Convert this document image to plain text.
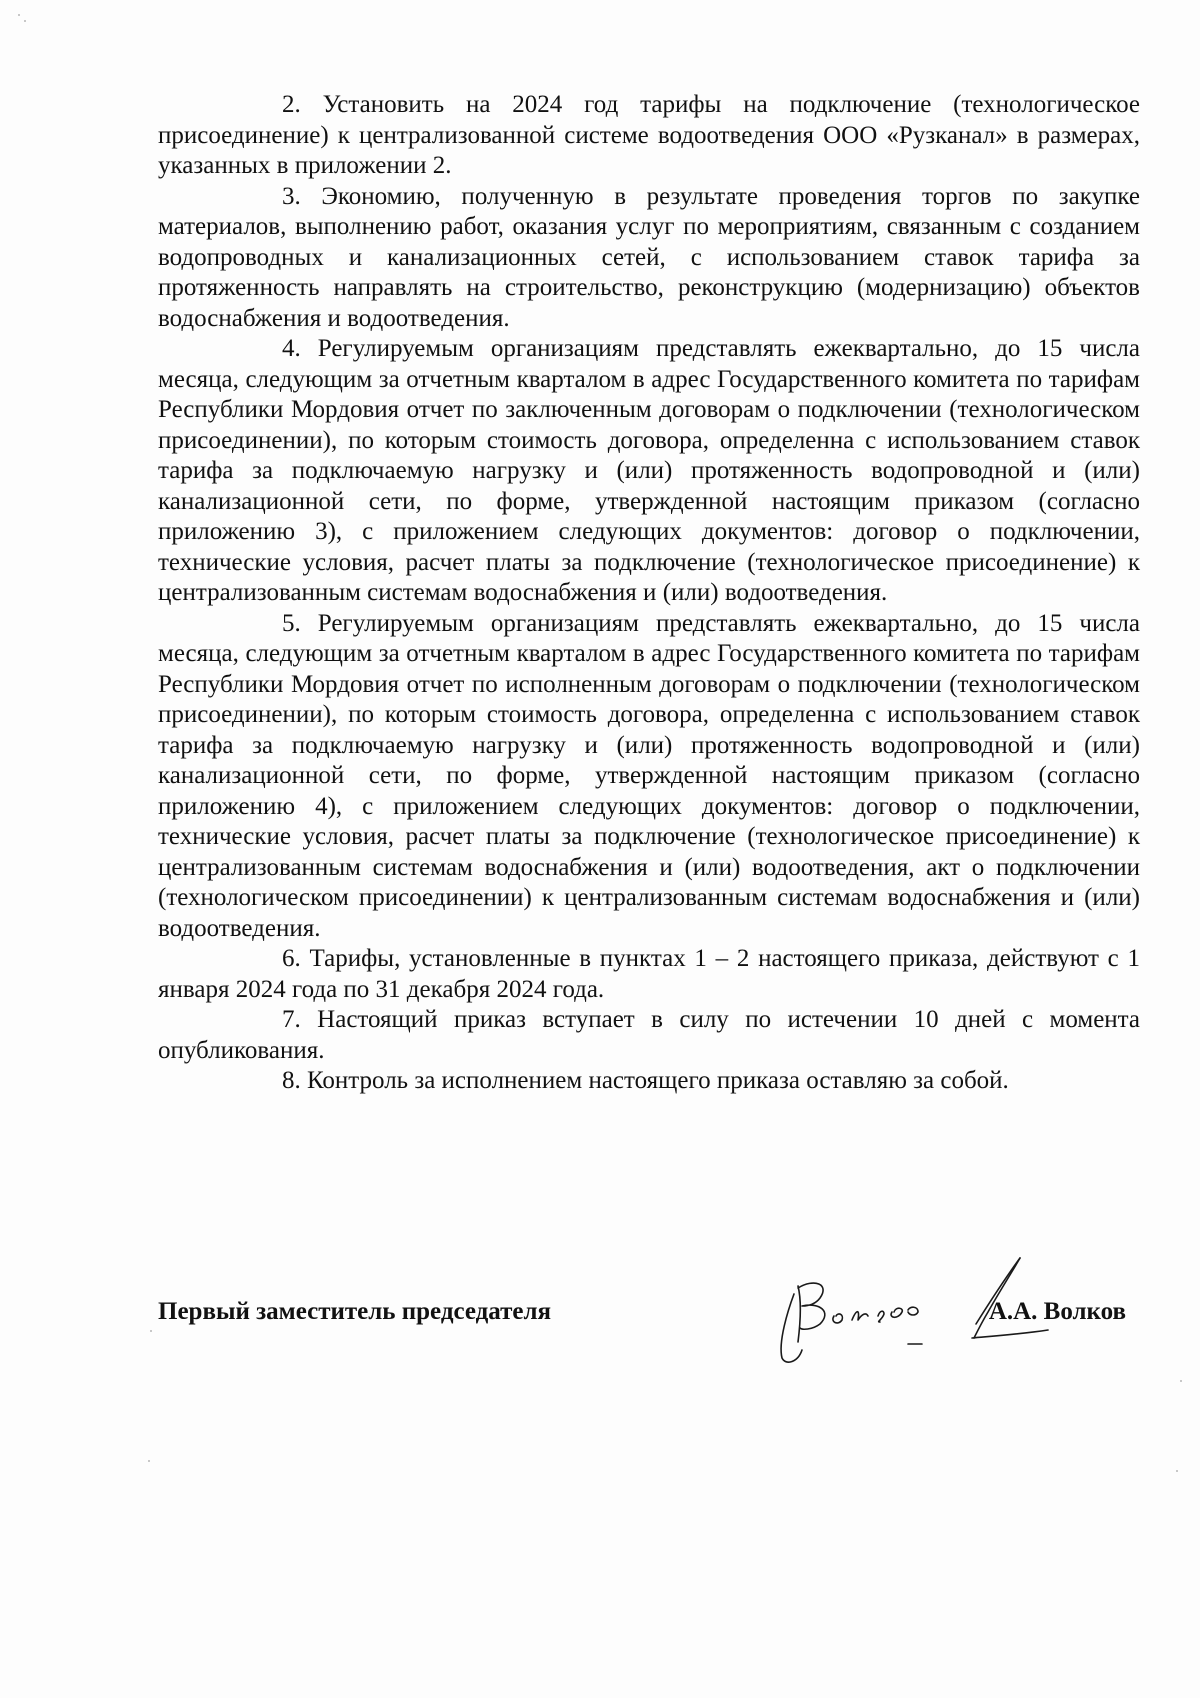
2. Установить на 2024 год тарифы на подключение (технологическое присоединение) к централизованной системе водоотведения ООО «Рузканал» в размерах, указанных в приложении 2.

3. Экономию, полученную в результате проведения торгов по закупке материалов, выполнению работ, оказания услуг по мероприятиям, связанным с созданием водопроводных и канализационных сетей, с использованием ставок тарифа за протяженность направлять на строительство, реконструкцию (модернизацию) объектов водоснабжения и водоотведения.

4. Регулируемым организациям представлять ежеквартально, до 15 числа месяца, следующим за отчетным кварталом в адрес Государственного комитета по тарифам Республики Мордовия отчет по заключенным договорам о подключении (технологическом присоединении), по которым стоимость договора, определенна с использованием ставок тарифа за подключаемую нагрузку и (или) протяженность водопроводной и (или) канализационной сети, по форме, утвержденной настоящим приказом (согласно приложению 3), с приложением следующих документов: договор о подключении, технические условия, расчет платы за подключение (технологическое присоединение) к централизованным системам водоснабжения и (или) водоотведения.

5. Регулируемым организациям представлять ежеквартально, до 15 числа месяца, следующим за отчетным кварталом в адрес Государственного комитета по тарифам Республики Мордовия отчет по исполненным договорам о подключении (технологическом присоединении), по которым стоимость договора, определенна с использованием ставок тарифа за подключаемую нагрузку и (или) протяженность водопроводной и (или) канализационной сети, по форме, утвержденной настоящим приказом (согласно приложению 4), с приложением следующих документов: договор о подключении, технические условия, расчет платы за подключение (технологическое присоединение) к централизованным системам водоснабжения и (или) водоотведения, акт о подключении (технологическом присоединении) к централизованным системам водоснабжения и (или) водоотведения.

6. Тарифы, установленные в пунктах 1 – 2 настоящего приказа, действуют с 1 января 2024 года по 31 декабря 2024 года.

7. Настоящий приказ вступает в силу по истечении 10 дней с момента опубликования.

8. Контроль за исполнением настоящего приказа оставляю за собой.

Первый заместитель председателя	А.А. Волков
